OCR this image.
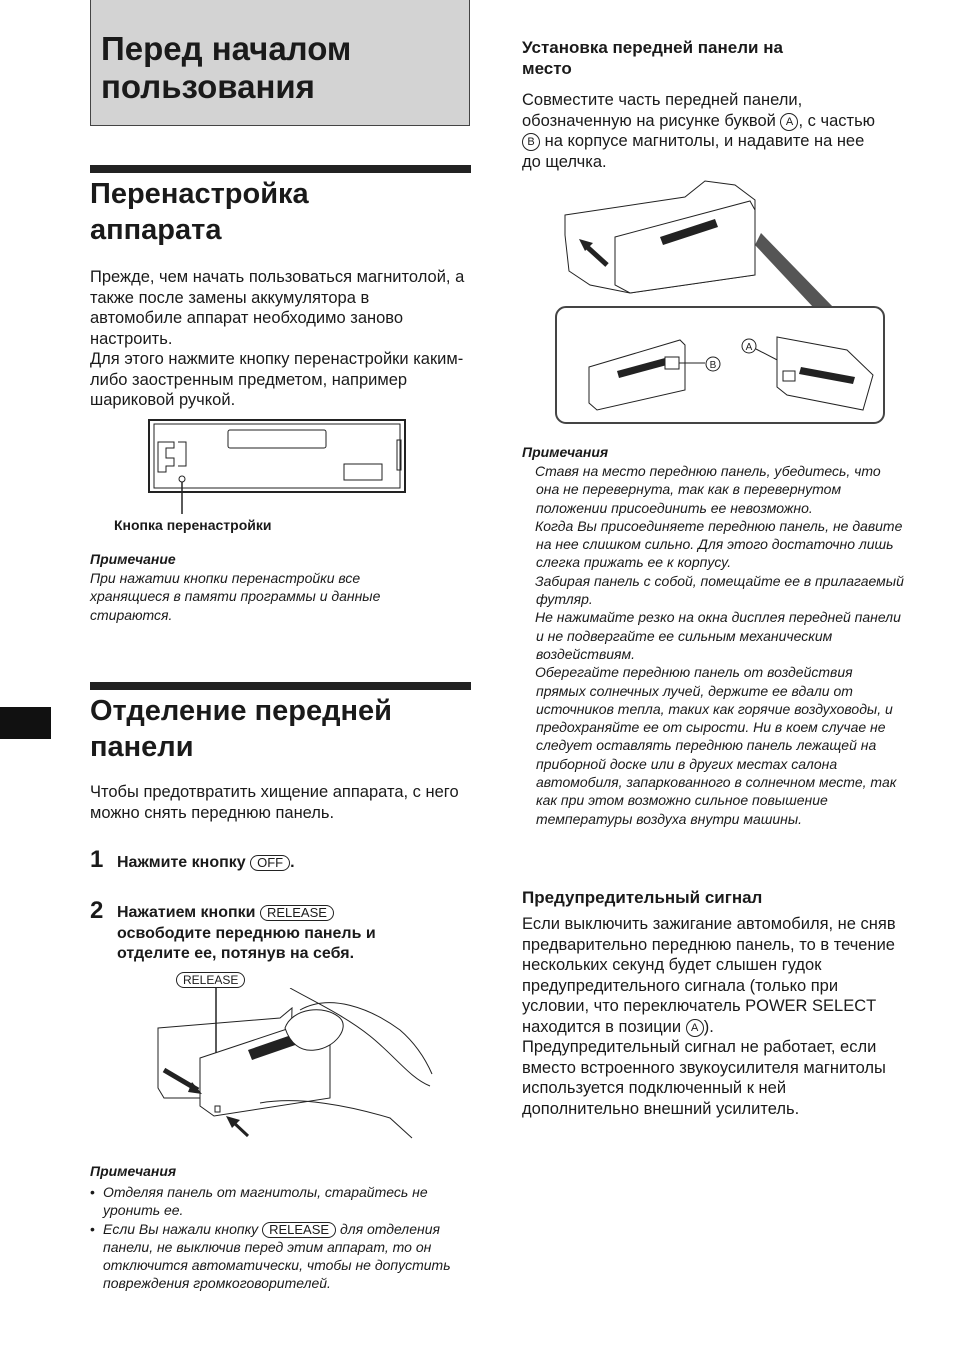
Перед началом
пользования
Перенастройка
аппарата
Прежде, чем начать пользоваться магнитолой, а также после замены аккумулятора в автомобиле аппарат необходимо заново настроить.
Для этого нажмите кнопку перенастройки каким-либо заостренным предметом, например шариковой ручкой.
Кнопка перенастройки
Примечание
При нажатии кнопки перенастройки все хранящиеся в памяти программы и данные стираются.
Отделение передней
панели
Чтобы предотвратить хищение аппарата, с него можно снять переднюю панель.
1 Нажмите кнопку OFF .
2 Нажатием кнопки RELEASE освободите переднюю панель и отделите ее, потянув на себя.
RELEASE
Примечания
• Отделяя панель от магнитолы, старайтесь не уронить ее.
• Если Вы нажали кнопку RELEASE для отделения панели, не выключив перед этим аппарат, то он отключится автоматически, чтобы не допустить повреждения громкоговорителей.
Установка передней панели на
место
Совместите часть передней панели, обозначенную на рисунке буквой A , с частью B на корпусе магнитолы, и надавите на нее до щелчка.
B
A
Примечания

Ставя на место переднюю панель, убедитесь, что она не перевернута, так как в перевернутом положении присоединить ее невозможно.

Когда Вы присоединяете переднюю панель, не давите на нее слишком сильно. Для этого достаточно лишь слегка прижать ее к корпусу.

Забирая панель с собой, помещайте ее в прилагаемый футляр.

Не нажимайте резко на окна дисплея передней панели и не подвергайте ее сильным механическим воздействиям.

Оберегайте переднюю панель от воздействия прямых солнечных лучей, держите ее вдали от источников тепла, таких как горячие воздуховоды, и предохраняйте ее от сырости. Ни в коем случае не следует оставлять переднюю панель лежащей на приборной доске или в других местах салона автомобиля, запаркованного в солнечном месте, так как при этом возможно сильное повышение температуры воздуха внутри машины.

Предупредительный сигнал
Если выключить зажигание автомобиля, не сняв предварительно переднюю панель, то в течение нескольких секунд будет слышен гудок предупредительного сигнала (только при условии, что переключатель POWER SELECT находится в позиции A ).
Предупредительный сигнал не работает, если вместо встроенного звукоусилителя магнитолы используется подключенный к ней дополнительно внешний усилитель.
